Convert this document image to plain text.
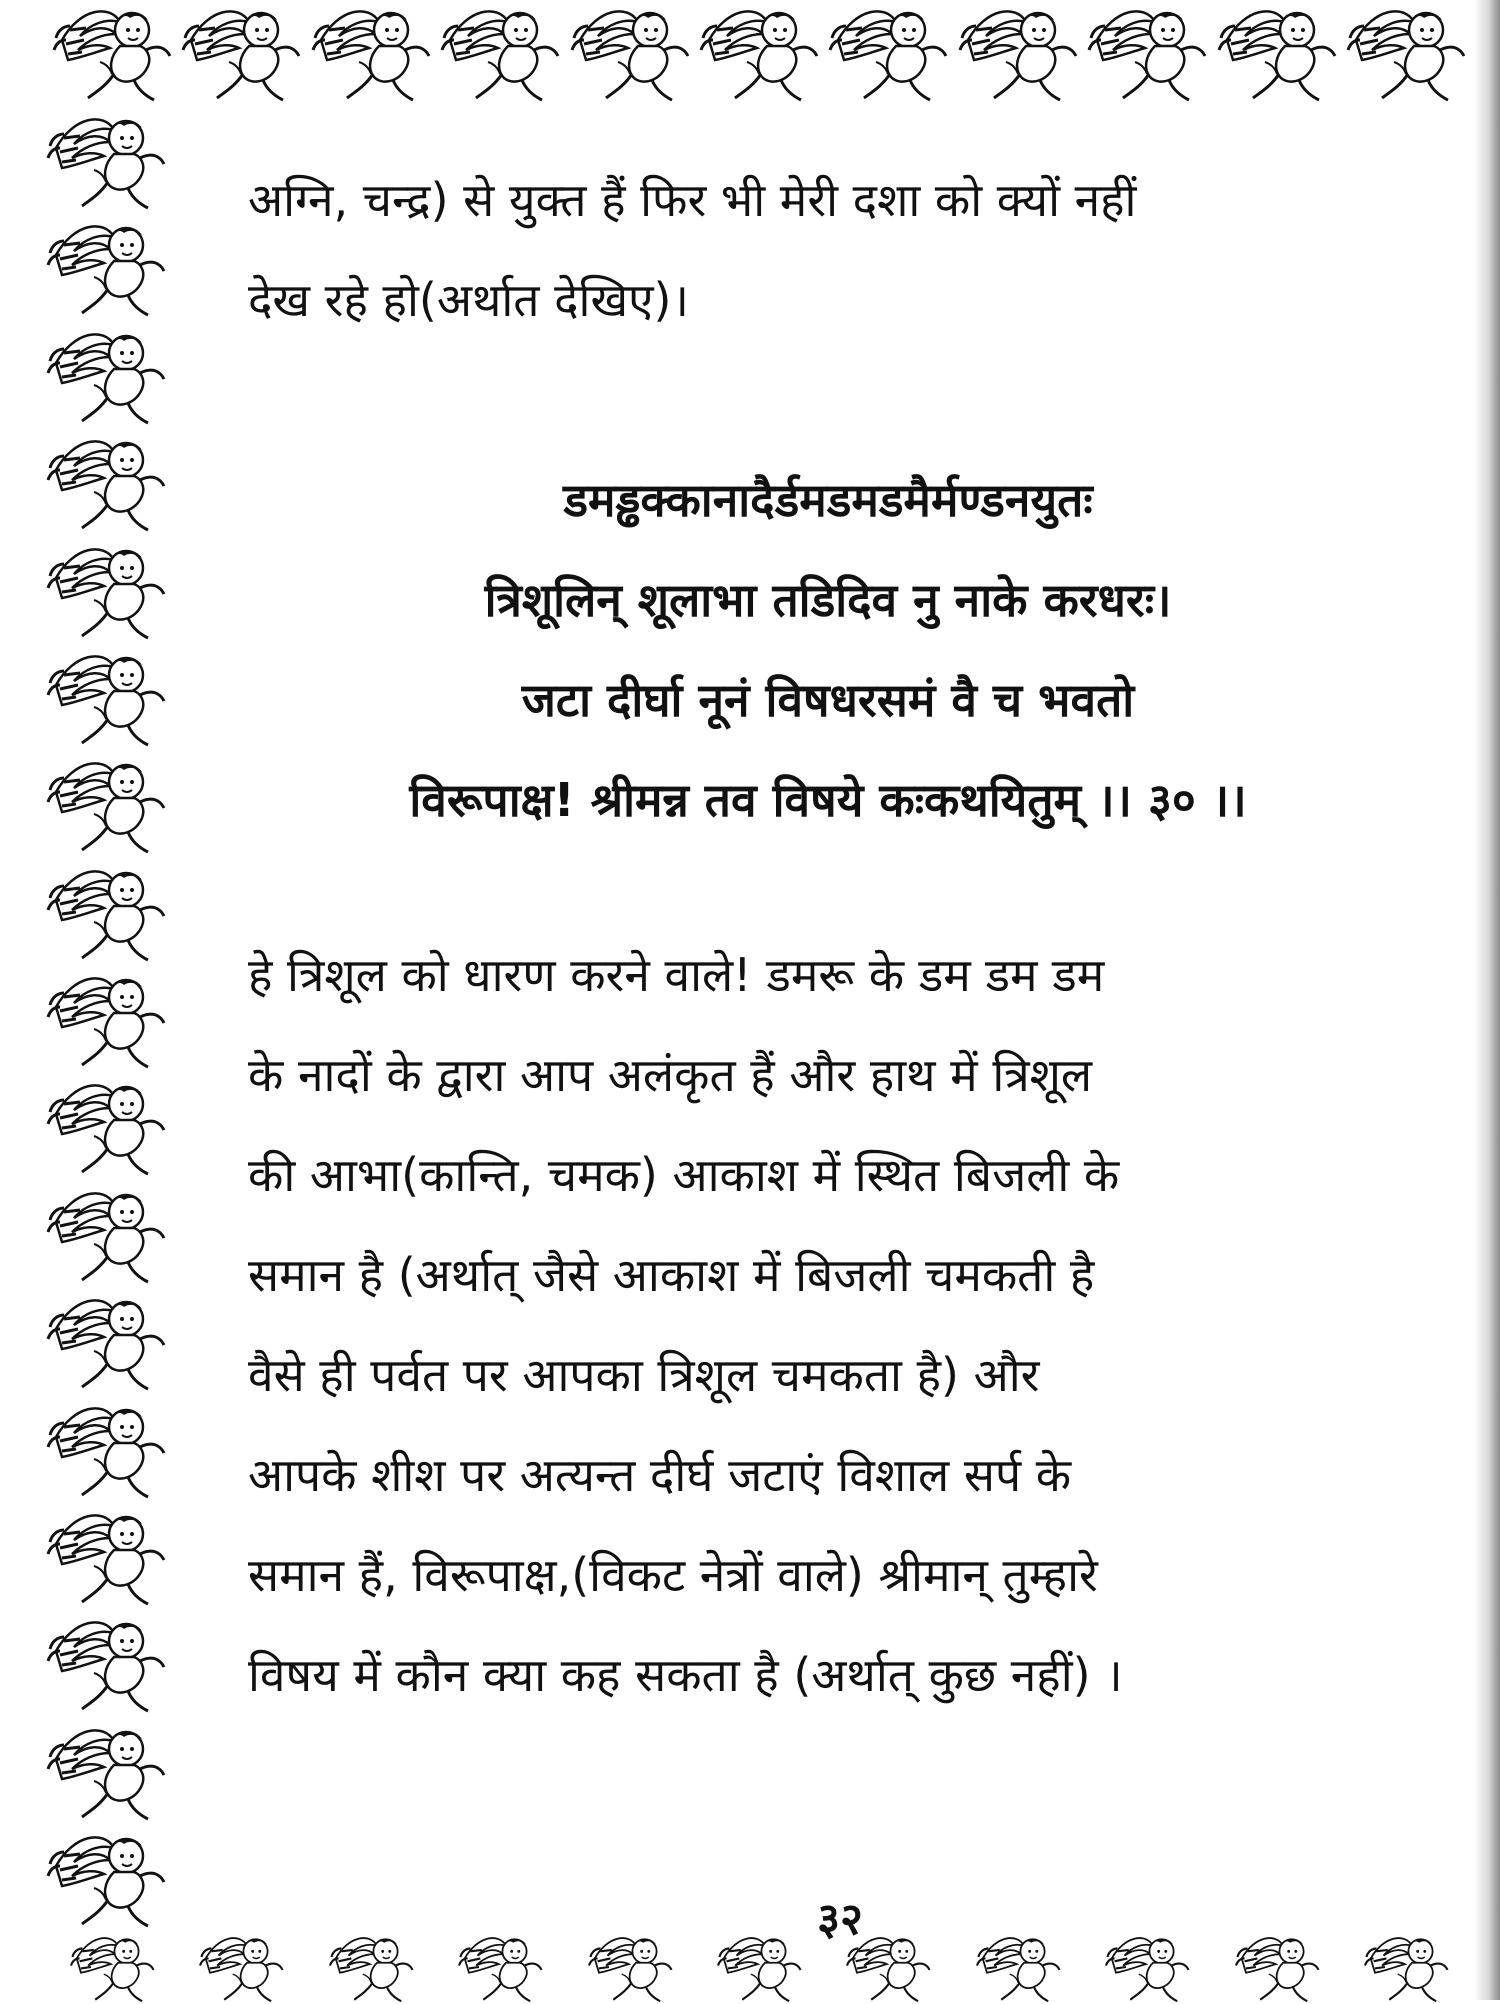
अग्नि, चन्द्र) से युक्त हैं फिर भी मेरी दशा को क्यों नहीं
देख रहे हो(अर्थात देखिए)।
डमड्ढक्कानादैर्डमडमडमैर्मण्डनयुतः
त्रिशूलिन् शूलाभा तडिदिव नु नाके करधरः।
जटा दीर्घा नूनं विषधरसमं वै च भवतो
विरूपाक्ष! श्रीमन्न तव विषये कःकथयितुम् ।। ३० ।।
हे त्रिशूल को धारण करने वाले! डमरू के डम डम डम
के नादों के द्वारा आप अलंकृत हैं और हाथ में त्रिशूल
की आभा(कान्ति, चमक) आकाश में स्थित बिजली के
समान है (अर्थात् जैसे आकाश में बिजली चमकती है
वैसे ही पर्वत पर आपका त्रिशूल चमकता है) और
आपके शीश पर अत्यन्त दीर्घ जटाएं विशाल सर्प के
समान हैं, विरूपाक्ष,(विकट नेत्रों वाले) श्रीमान् तुम्हारे
विषय में कौन क्या कह सकता है (अर्थात् कुछ नहीं) ।
३२
